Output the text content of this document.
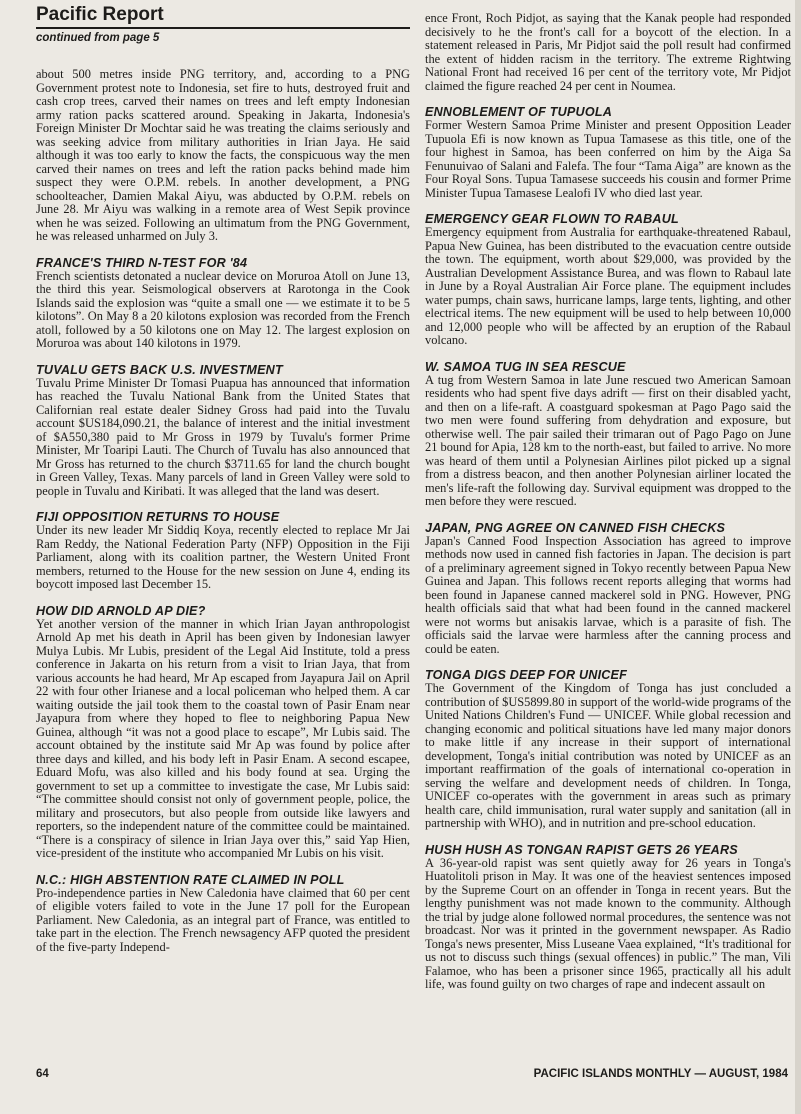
Pacific Report

continued from page 5

about 500 metres inside PNG territory, and, according to a PNG Government protest note to Indonesia, set fire to huts, destroyed fruit and cash crop trees, carved their names on trees and left empty Indonesian army ration packs scattered around. Speaking in Jakarta, Indonesia's Foreign Minister Dr Mochtar said he was treating the claims seriously and was seeking advice from military authorities in Irian Jaya. He said although it was too early to know the facts, the conspicuous way the men carved their names on trees and left the ration packs behind made him suspect they were O.P.M. rebels. In another development, a PNG schoolteacher, Damien Makal Aiyu, was abducted by O.P.M. rebels on June 28. Mr Aiyu was walking in a remote area of West Sepik province when he was seized. Following an ultimatum from the PNG Government, he was released unharmed on July 3.

FRANCE'S THIRD N-TEST FOR '84

French scientists detonated a nuclear device on Moruroa Atoll on June 13, the third this year. Seismological observers at Rarotonga in the Cook Islands said the explosion was “quite a small one — we estimate it to be 5 kilotons”. On May 8 a 20 kilotons explosion was recorded from the French atoll, followed by a 50 kilotons one on May 12. The largest explosion on Moruroa was about 140 kilotons in 1979.

TUVALU GETS BACK U.S. INVESTMENT

Tuvalu Prime Minister Dr Tomasi Puapua has announced that information has reached the Tuvalu National Bank from the United States that Californian real estate dealer Sidney Gross had paid into the Tuvalu account $US184,090.21, the balance of interest and the initial investment of $A550,380 paid to Mr Gross in 1979 by Tuvalu's former Prime Minister, Mr Toaripi Lauti. The Church of Tuvalu has also announced that Mr Gross has returned to the church $3711.65 for land the church bought in Green Valley, Texas. Many parcels of land in Green Valley were sold to people in Tuvalu and Kiribati. It was alleged that the land was desert.

FIJI OPPOSITION RETURNS TO HOUSE

Under its new leader Mr Siddiq Koya, recently elected to replace Mr Jai Ram Reddy, the National Federation Party (NFP) Opposition in the Fiji Parliament, along with its coalition partner, the Western United Front members, returned to the House for the new session on June 4, ending its boycott imposed last December 15.

HOW DID ARNOLD AP DIE?

Yet another version of the manner in which Irian Jayan anthropologist Arnold Ap met his death in April has been given by Indonesian lawyer Mulya Lubis. Mr Lubis, president of the Legal Aid Institute, told a press conference in Jakarta on his return from a visit to Irian Jaya, that from various accounts he had heard, Mr Ap escaped from Jayapura Jail on April 22 with four other Irianese and a local policeman who helped them. A car waiting outside the jail took them to the coastal town of Pasir Enam near Jayapura from where they hoped to flee to neighboring Papua New Guinea, although “it was not a good place to escape”, Mr Lubis said. The account obtained by the institute said Mr Ap was found by police after three days and killed, and his body left in Pasir Enam. A second escapee, Eduard Mofu, was also killed and his body found at sea. Urging the government to set up a committee to investigate the case, Mr Lubis said: “The committee should consist not only of government people, police, the military and prosecutors, but also people from outside like lawyers and reporters, so the independent nature of the committee could be maintained. “There is a conspiracy of silence in Irian Jaya over this,” said Yap Hien, vice-president of the institute who accompanied Mr Lubis on his visit.

N.C.: HIGH ABSTENTION RATE CLAIMED IN POLL

Pro-independence parties in New Caledonia have claimed that 60 per cent of eligible voters failed to vote in the June 17 poll for the European Parliament. New Caledonia, as an integral part of France, was entitled to take part in the election. The French newsagency AFP quoted the president of the five-party Independ-

ence Front, Roch Pidjot, as saying that the Kanak people had responded decisively to he the front's call for a boycott of the election. In a statement released in Paris, Mr Pidjot said the poll result had confirmed the extent of hidden racism in the territory. The extreme Rightwing National Front had received 16 per cent of the territory vote, Mr Pidjot claimed the figure reached 24 per cent in Noumea.

ENNOBLEMENT OF TUPUOLA

Former Western Samoa Prime Minister and present Opposition Leader Tupuola Efi is now known as Tupua Tamasese as this title, one of the four highest in Samoa, has been conferred on him by the Aiga Sa Fenunuivao of Salani and Falefa. The four “Tama Aiga” are known as the Four Royal Sons. Tupua Tamasese succeeds his cousin and former Prime Minister Tupua Tamasese Lealofi IV who died last year.

EMERGENCY GEAR FLOWN TO RABAUL

Emergency equipment from Australia for earthquake-threatened Rabaul, Papua New Guinea, has been distributed to the evacuation centre outside the town. The equipment, worth about $29,000, was provided by the Australian Development Assistance Burea, and was flown to Rabaul late in June by a Royal Australian Air Force plane. The equipment includes water pumps, chain saws, hurricane lamps, large tents, lighting, and other electrical items. The new equipment will be used to help between 10,000 and 12,000 people who will be affected by an eruption of the Rabaul volcano.

W. SAMOA TUG IN SEA RESCUE

A tug from Western Samoa in late June rescued two American Samoan residents who had spent five days adrift — first on their disabled yacht, and then on a life-raft. A coastguard spokesman at Pago Pago said the two men were found suffering from dehydration and exposure, but otherwise well. The pair sailed their trimaran out of Pago Pago on June 21 bound for Apia, 128 km to the north-east, but failed to arrive. No more was heard of them until a Polynesian Airlines pilot picked up a signal from a distress beacon, and then another Polynesian airliner located the men's life-raft the following day. Survival equipment was dropped to the men before they were rescued.

JAPAN, PNG AGREE ON CANNED FISH CHECKS

Japan's Canned Food Inspection Association has agreed to improve methods now used in canned fish factories in Japan. The decision is part of a preliminary agreement signed in Tokyo recently between Papua New Guinea and Japan. This follows recent reports alleging that worms had been found in Japanese canned mackerel sold in PNG. However, PNG health officials said that what had been found in the canned mackerel were not worms but anisakis larvae, which is a parasite of fish. The officials said the larvae were harmless after the canning process and could be eaten.

TONGA DIGS DEEP FOR UNICEF

The Government of the Kingdom of Tonga has just concluded a contribution of $US5899.80 in support of the world-wide programs of the United Nations Children's Fund — UNICEF. While global recession and changing economic and political situations have led many major donors to make little if any increase in their support of international development, Tonga's initial contribution was noted by UNICEF as an important reaffirmation of the goals of international co-operation in serving the welfare and development needs of children. In Tonga, UNICEF co-operates with the government in areas such as primary health care, child immunisation, rural water supply and sanitation (all in partnership with WHO), and in nutrition and pre-school education.

HUSH HUSH AS TONGAN RAPIST GETS 26 YEARS

A 36-year-old rapist was sent quietly away for 26 years in Tonga's Huatolitoli prison in May. It was one of the heaviest sentences imposed by the Supreme Court on an offender in Tonga in recent years. But the lengthy punishment was not made known to the community. Although the trial by judge alone followed normal procedures, the sentence was not broadcast. Nor was it printed in the government newspaper. As Radio Tonga's news presenter, Miss Luseane Vaea explained, “It's traditional for us not to discuss such things (sexual offences) in public.” The man, Vili Falamoe, who has been a prisoner since 1965, practically all his adult life, was found guilty on two charges of rape and indecent assault on

64	PACIFIC ISLANDS MONTHLY — AUGUST, 1984
